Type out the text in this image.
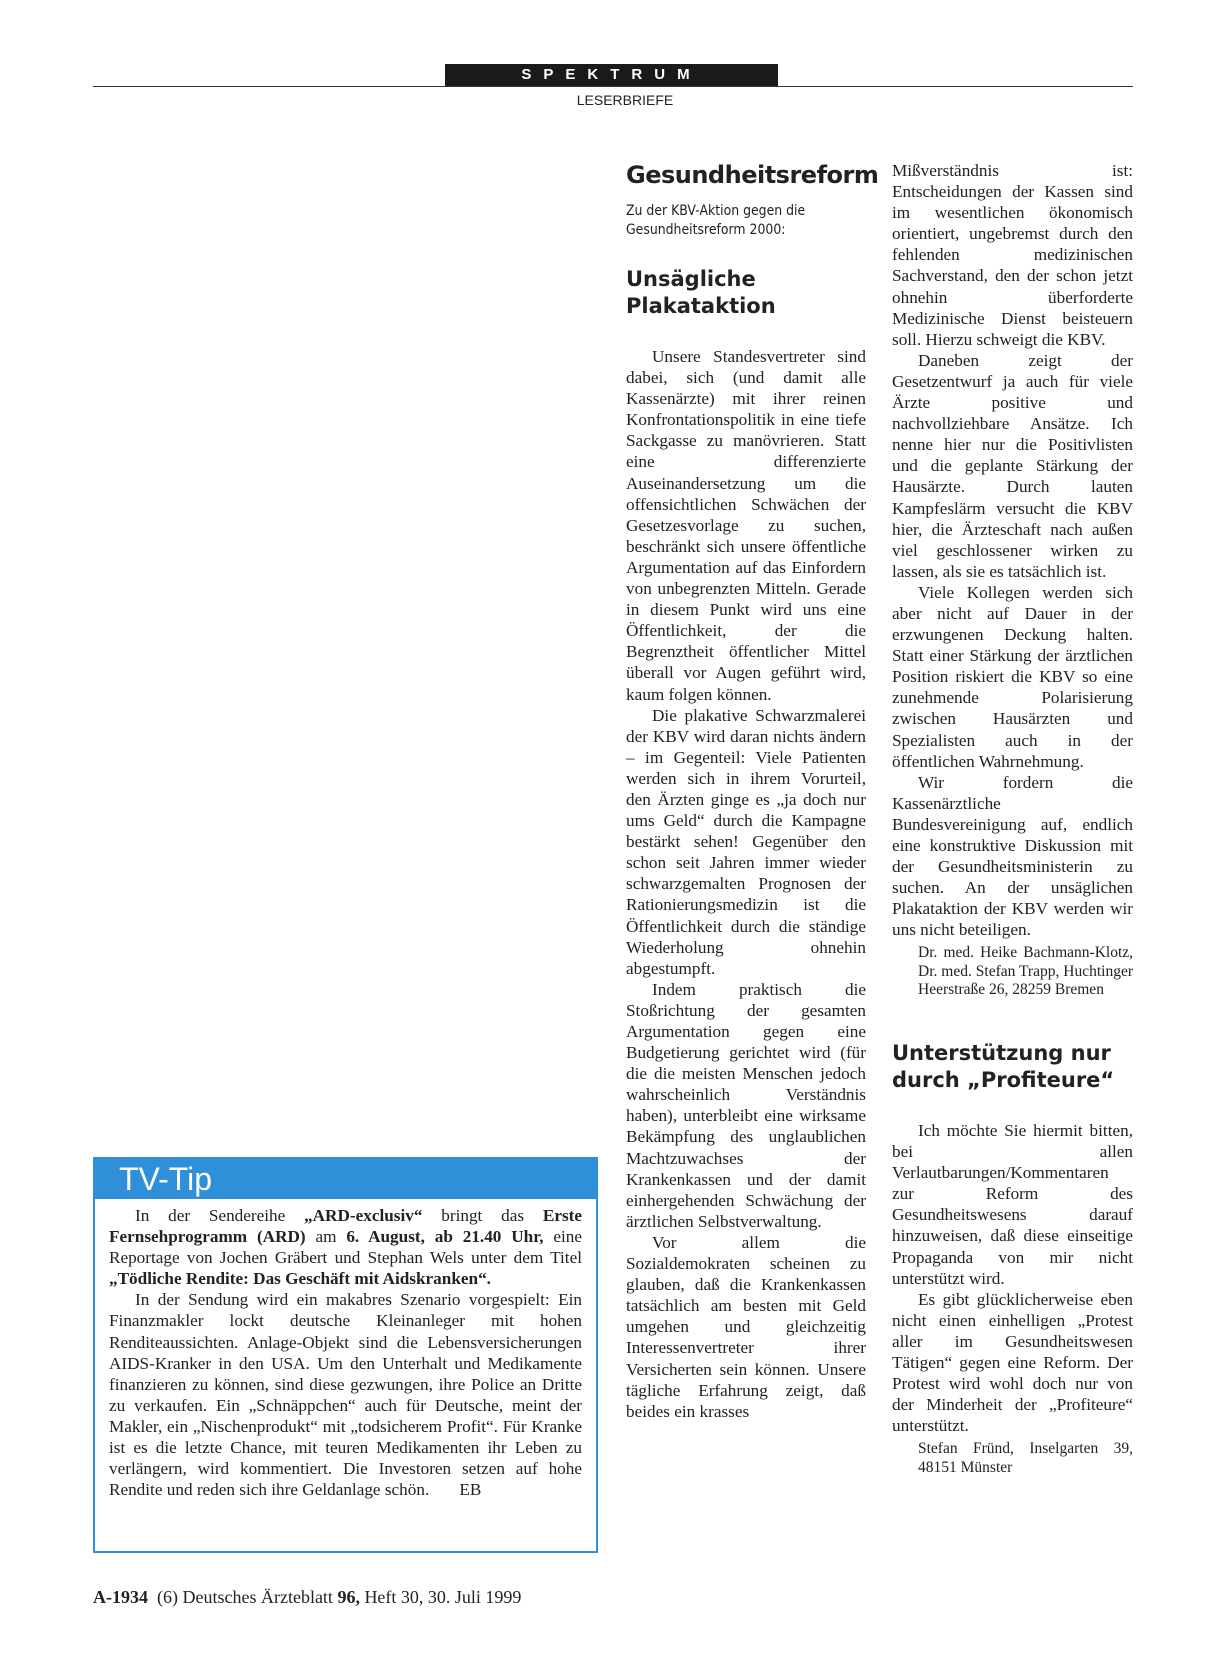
SPEKTRUM
LESERBRIEFE
Gesundheitsreform
Zu der KBV-Aktion gegen die Gesundheitsreform 2000:
Unsägliche Plakataktion

Unsere Standesvertreter sind dabei, sich (und damit alle Kassenärzte) mit ihrer reinen Konfrontationspolitik in eine tiefe Sackgasse zu manövrieren. Statt eine differenzierte Auseinandersetzung um die offensichtlichen Schwächen der Gesetzesvorlage zu suchen, beschränkt sich unsere öffentliche Argumentation auf das Einfordern von unbegrenzten Mitteln. Gerade in diesem Punkt wird uns eine Öffentlichkeit, der die Begrenztheit öffentlicher Mittel überall vor Augen geführt wird, kaum folgen können.

Die plakative Schwarzmalerei der KBV wird daran nichts ändern – im Gegenteil: Viele Patienten werden sich in ihrem Vorurteil, den Ärzten ginge es „ja doch nur ums Geld“ durch die Kampagne bestärkt sehen! Gegenüber den schon seit Jahren immer wieder schwarzgemalten Prognosen der Rationierungsmedizin ist die Öffentlichkeit durch die ständige Wiederholung ohnehin abgestumpft.

Indem praktisch die Stoßrichtung der gesamten Argumentation gegen eine Budgetierung gerichtet wird (für die die meisten Menschen jedoch wahrscheinlich Verständnis haben), unterbleibt eine wirksame Bekämpfung des unglaublichen Machtzuwachses der Krankenkassen und der damit einhergehenden Schwächung der ärztlichen Selbstverwaltung.

Vor allem die Sozialdemokraten scheinen zu glauben, daß die Krankenkassen tatsächlich am besten mit Geld umgehen und gleichzeitig Interessenvertreter ihrer Versicherten sein können. Unsere tägliche Erfahrung zeigt, daß beides ein krasses

Mißverständnis ist: Entscheidungen der Kassen sind im wesentlichen ökonomisch orientiert, ungebremst durch den fehlenden medizinischen Sachverstand, den der schon jetzt ohnehin überforderte Medizinische Dienst beisteuern soll. Hierzu schweigt die KBV.

Daneben zeigt der Gesetzentwurf ja auch für viele Ärzte positive und nachvollziehbare Ansätze. Ich nenne hier nur die Positivlisten und die geplante Stärkung der Hausärzte. Durch lauten Kampfeslärm versucht die KBV hier, die Ärzteschaft nach außen viel geschlossener wirken zu lassen, als sie es tatsächlich ist.

Viele Kollegen werden sich aber nicht auf Dauer in der erzwungenen Deckung halten. Statt einer Stärkung der ärztlichen Position riskiert die KBV so eine zunehmende Polarisierung zwischen Hausärzten und Spezialisten auch in der öffentlichen Wahrnehmung.

Wir fordern die Kassenärztliche Bundesvereinigung auf, endlich eine konstruktive Diskussion mit der Gesundheitsministerin zu suchen. An der unsäglichen Plakataktion der KBV werden wir uns nicht beteiligen.

Dr. med. Heike Bachmann-Klotz, Dr. med. Stefan Trapp, Huchtinger Heerstraße 26, 28259 Bremen
Unterstützung nur durch „Profiteure“

Ich möchte Sie hiermit bitten, bei allen Verlautbarungen/Kommentaren zur Reform des Gesundheitswesens darauf hinzuweisen, daß diese einseitige Propaganda von mir nicht unterstützt wird.

Es gibt glücklicherweise eben nicht einen einhelligen „Protest aller im Gesundheitswesen Tätigen“ gegen eine Reform. Der Protest wird wohl doch nur von der Minderheit der „Profiteure“ unterstützt.

Stefan Fründ, Inselgarten 39, 48151 Münster
TV-Tip

In der Sendereihe „ARD-exclusiv“ bringt das Erste Fernsehprogramm (ARD) am 6. August, ab 21.40 Uhr, eine Reportage von Jochen Gräbert und Stephan Wels unter dem Titel „Tödliche Rendite: Das Geschäft mit Aidskranken“.

In der Sendung wird ein makabres Szenario vorgespielt: Ein Finanzmakler lockt deutsche Kleinanleger mit hohen Renditeaussichten. Anlage-Objekt sind die Lebensversicherungen AIDS-Kranker in den USA. Um den Unterhalt und Medikamente finanzieren zu können, sind diese gezwungen, ihre Police an Dritte zu verkaufen. Ein „Schnäppchen“ auch für Deutsche, meint der Makler, ein „Nischenprodukt“ mit „todsicherem Profit“. Für Kranke ist es die letzte Chance, mit teuren Medikamenten ihr Leben zu verlängern, wird kommentiert. Die Investoren setzen auf hohe Rendite und reden sich ihre Geldanlage schön. EB

A-1934 (6) Deutsches Ärzteblatt 96, Heft 30, 30. Juli 1999
